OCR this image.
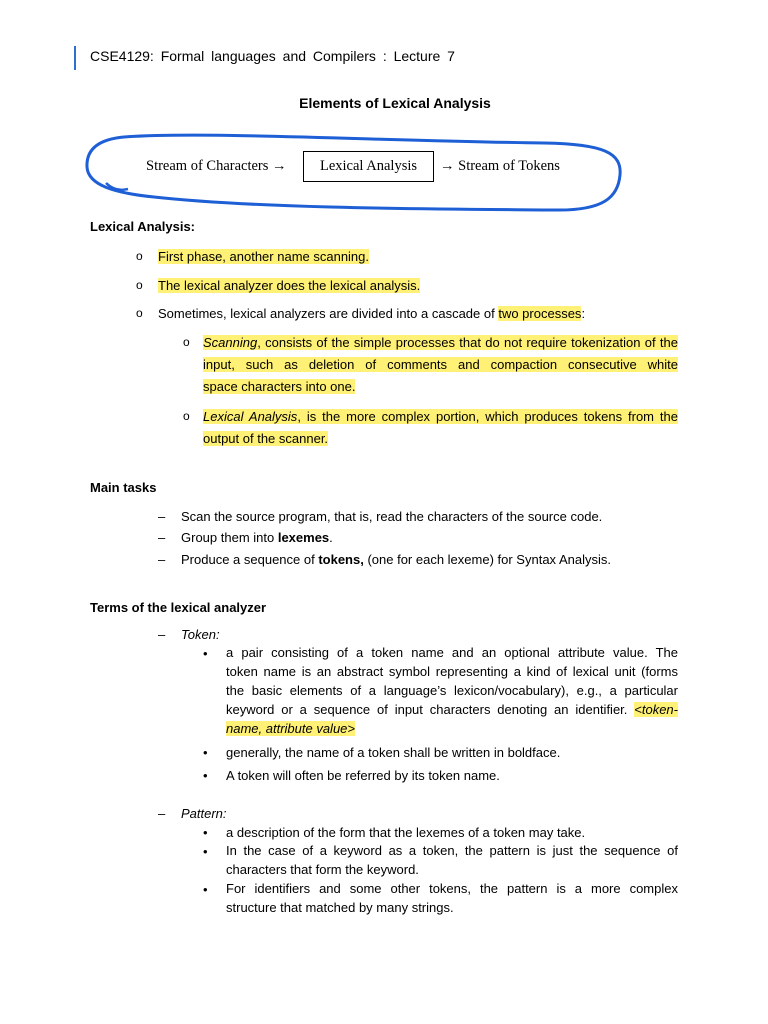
CSE4129: Formal languages and Compilers : Lecture 7
Elements of Lexical Analysis
Stream of Characters →	Lexical Analysis	→ Stream of Tokens
Lexical Analysis:
o First phase, another name scanning.
o The lexical analyzer does the lexical analysis.
o Sometimes, lexical analyzers are divided into a cascade of two processes:
o Scanning, consists of the simple processes that do not require tokenization of the input, such as deletion of comments and compaction consecutive white
space characters into one.
o Lexical Analysis, is the more complex portion, which produces tokens from the
output of the scanner.
Main tasks
– Scan the source program, that is, read the characters of the source code.
– Group them into lexemes.
– Produce a sequence of tokens, (one for each lexeme) for Syntax Analysis.
Terms of the lexical analyzer
– Token:
• a pair consisting of a token name and an optional attribute value. The
token name is an abstract symbol representing a kind of lexical unit (forms
the basic elements of a language’s lexicon/vocabulary), e.g., a particular
keyword or a sequence of input characters denoting an identifier. <token-
name, attribute value>
• generally, the name of a token shall be written in boldface.
• A token will often be referred by its token name.
– Pattern:
• a description of the form that the lexemes of a token may take.
• In the case of a keyword as a token, the pattern is just the sequence of
characters that form the keyword.
• For identifiers and some other tokens, the pattern is a more complex
structure that matched by many strings.
